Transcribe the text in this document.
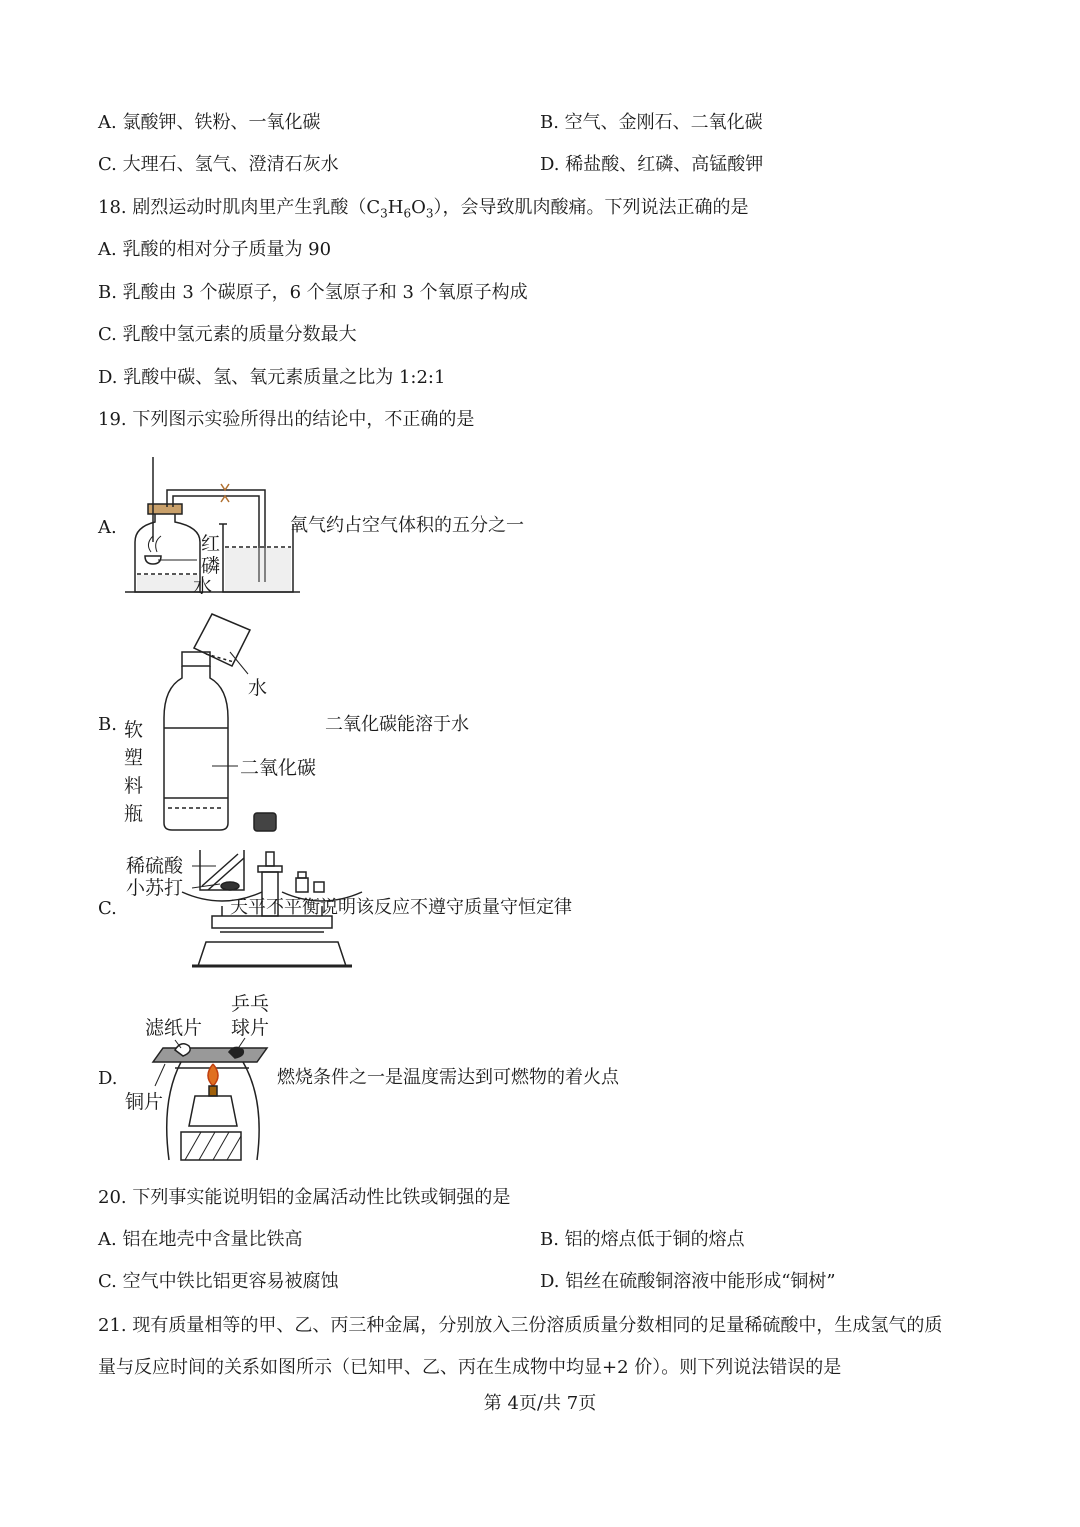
A. 氯酸钾、铁粉、一氧化碳	B. 空气、金刚石、二氧化碳
C. 大理石、氢气、澄清石灰水	D. 稀盐酸、红磷、高锰酸钾
18. 剧烈运动时肌肉里产生乳酸$(C_3H_6O_3)$，会导致肌肉酸痛。下列说法正确的是
A. 乳酸的相对分子质量为 90
B. 乳酸由 3 个碳原子，6 个氢原子和 3 个氧原子构成
C. 乳酸中氢元素的质量分数最大
D. 乳酸中碳、氢、氧元素质量之比为 1:2:1
19. 下列图示实验所得出的结论中，不正确的是
A.
红
磷
水
氧气约占空气体积的五分之一
B.
水
软
塑
料
瓶
二氧化碳
二氧化碳能溶于水
C.
稀硫酸
小苏打
天平不平衡说明该反应不遵守质量守恒定律
D.
乒乓
滤纸片 球片
铜片
燃烧条件之一是温度需达到可燃物的着火点
20. 下列事实能说明铝的金属活动性比铁或铜强的是
A. 铝在地壳中含量比铁高	B. 铝的熔点低于铜的熔点
C. 空气中铁比铝更容易被腐蚀	D. 铝丝在硫酸铜溶液中能形成“铜树”
21. 现有质量相等的甲、乙、丙三种金属，分别放入三份溶质质量分数相同的足量稀硫酸中，生成氢气的质
量与反应时间的关系如图所示（已知甲、乙、丙在生成物中均显+2 价）。则下列说法错误的是
第 4页/共 7页
